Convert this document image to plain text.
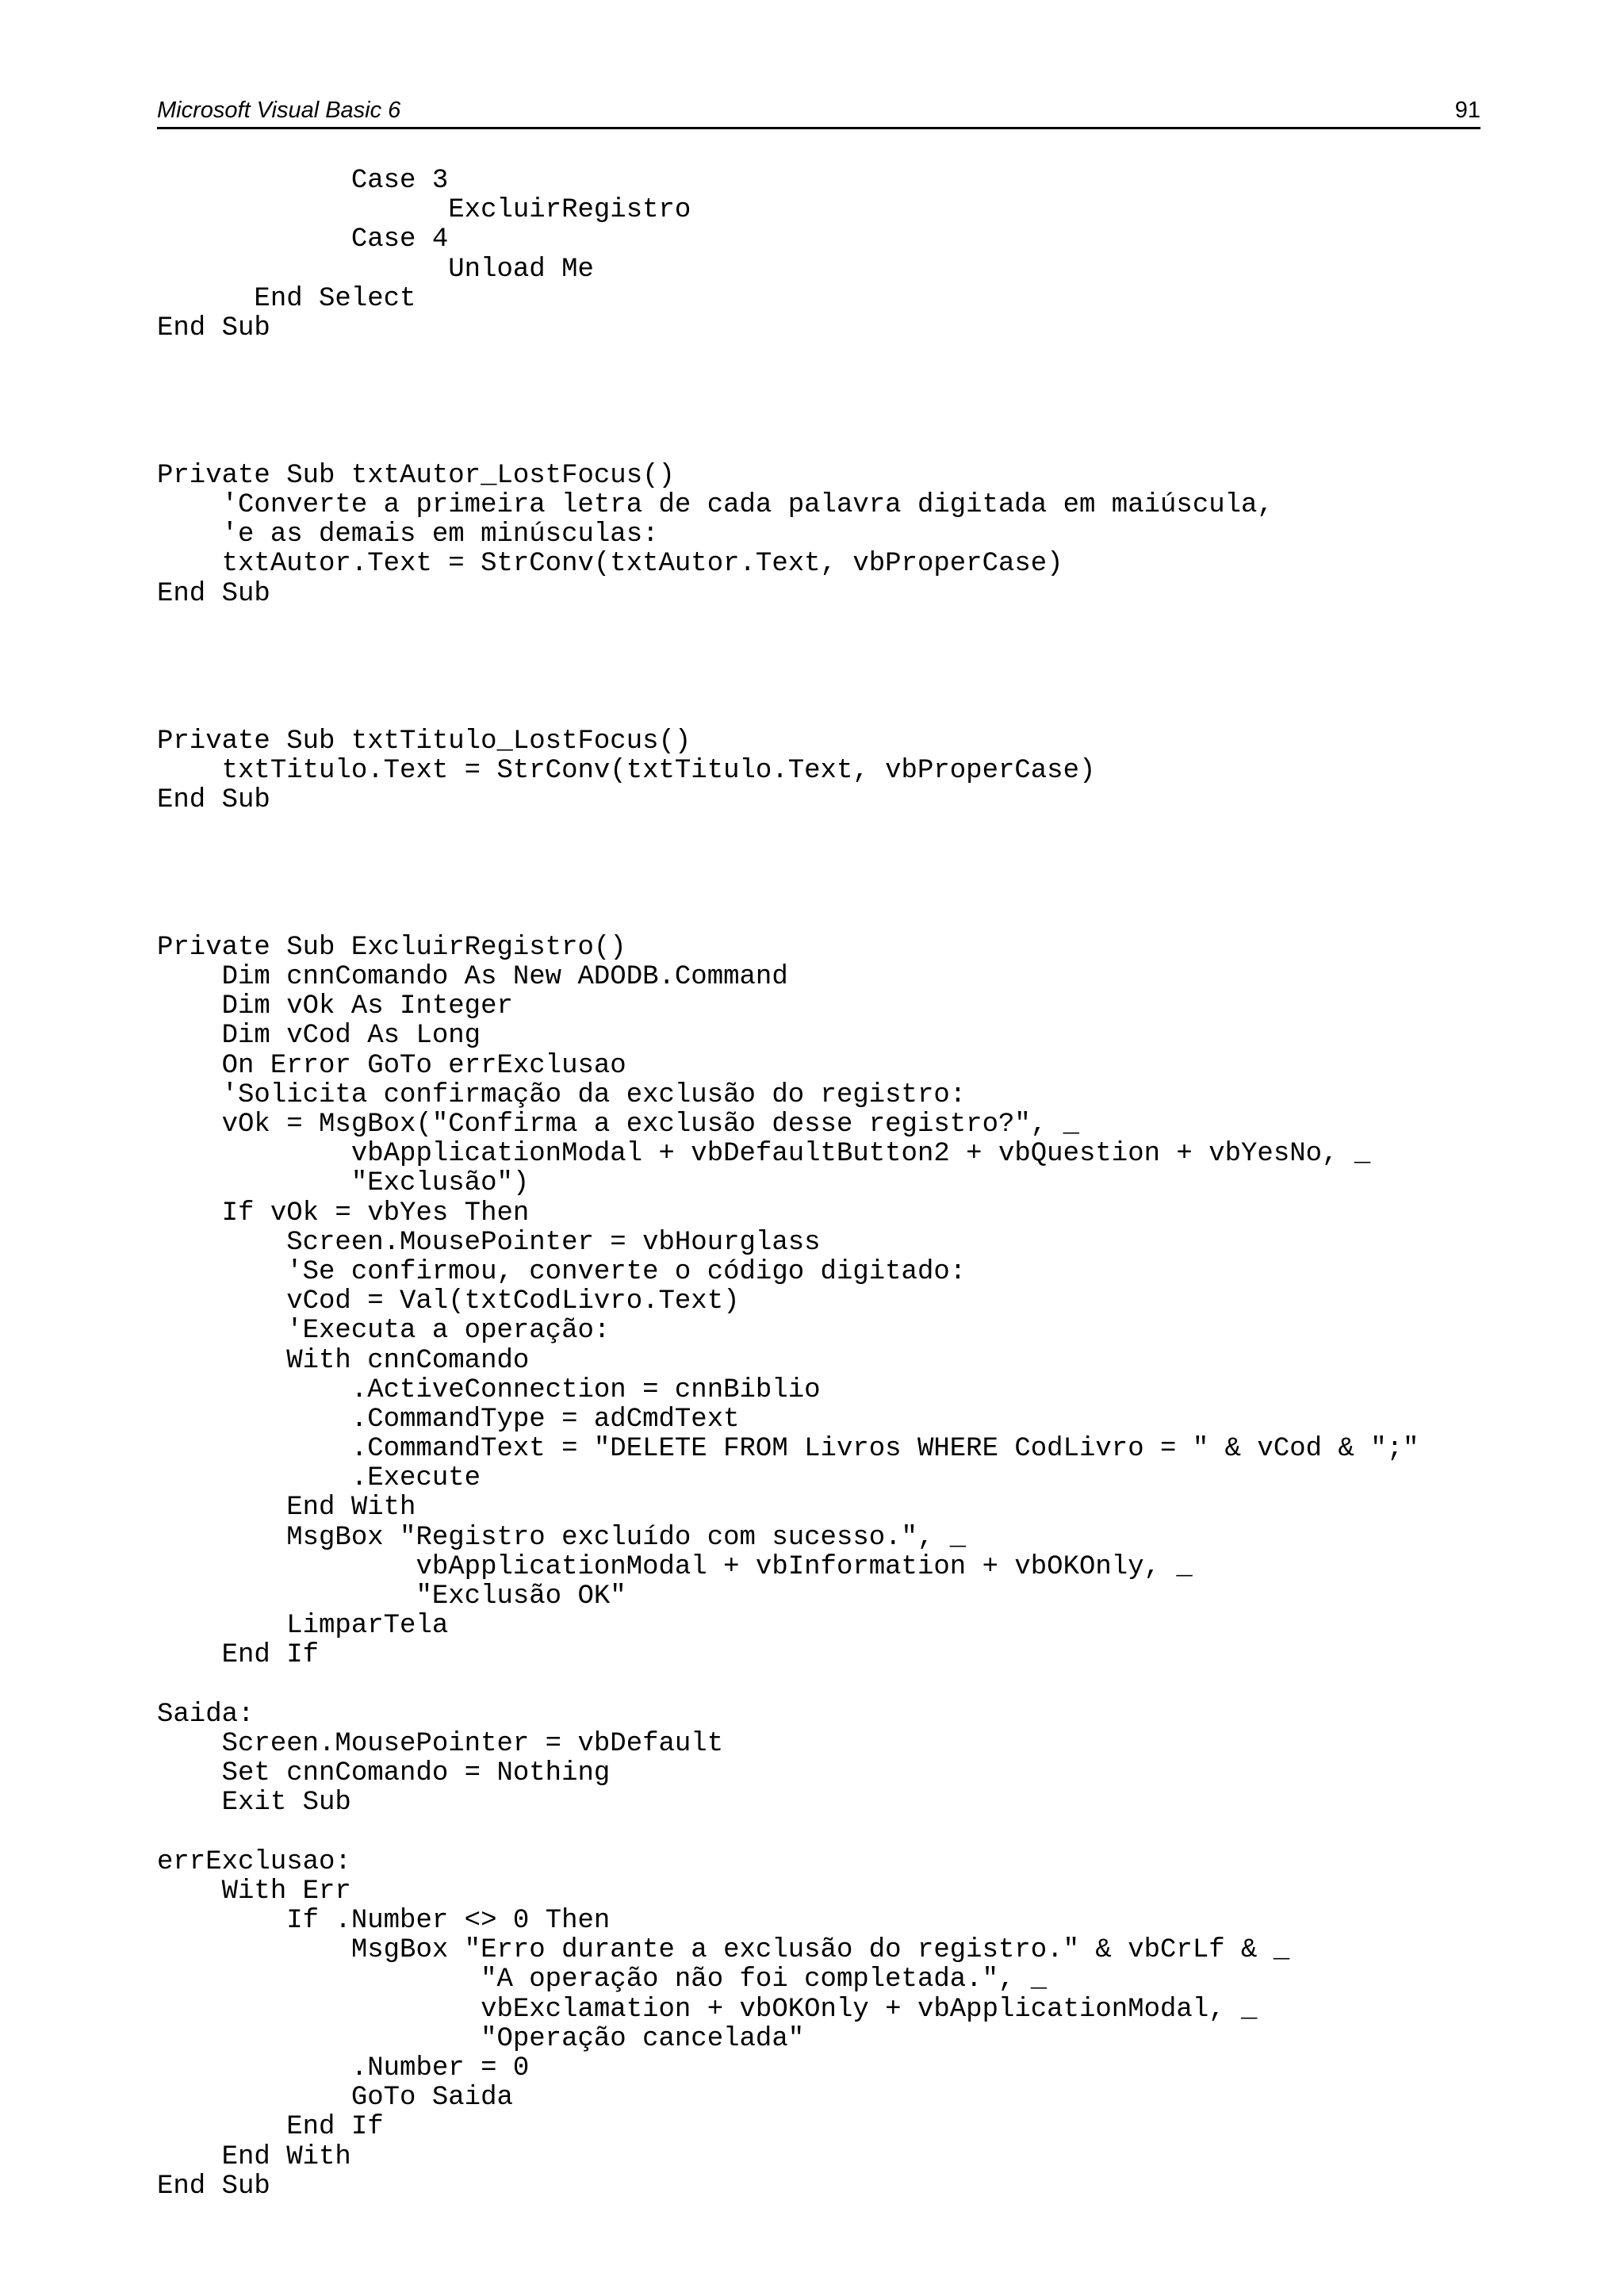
Microsoft Visual Basic 6	91
Case 3
ExcluirRegistro
Case 4
Unload Me
End Select
End Sub
Private Sub txtAutor_LostFocus()
'Converte a primeira letra de cada palavra digitada em maiúscula,
'e as demais em minúsculas:
txtAutor.Text = StrConv(txtAutor.Text, vbProperCase)
End Sub
Private Sub txtTitulo_LostFocus()
txtTitulo.Text = StrConv(txtTitulo.Text, vbProperCase)
End Sub
Private Sub ExcluirRegistro()
Dim cnnComando As New ADODB.Command
Dim vOk As Integer
Dim vCod As Long
On Error GoTo errExclusao
'Solicita confirmação da exclusão do registro:
vOk = MsgBox("Confirma a exclusão desse registro?", _
vbApplicationModal + vbDefaultButton2 + vbQuestion + vbYesNo, _
"Exclusão")
If vOk = vbYes Then
Screen.MousePointer = vbHourglass
'Se confirmou, converte o código digitado:
vCod = Val(txtCodLivro.Text)
'Executa a operação:
With cnnComando
.ActiveConnection = cnnBiblio
.CommandType = adCmdText
.CommandText = "DELETE FROM Livros WHERE CodLivro = " & vCod & ";"
.Execute
End With
MsgBox "Registro excluído com sucesso.", _
vbApplicationModal + vbInformation + vbOKOnly, _
"Exclusão OK"
LimparTela
End If
Saida:
Screen.MousePointer = vbDefault
Set cnnComando = Nothing
Exit Sub
errExclusao:
With Err
If .Number <> 0 Then
MsgBox "Erro durante a exclusão do registro." & vbCrLf & _
"A operação não foi completada.", _
vbExclamation + vbOKOnly + vbApplicationModal, _
"Operação cancelada"
.Number = 0
GoTo Saida
End If
End With
End Sub
